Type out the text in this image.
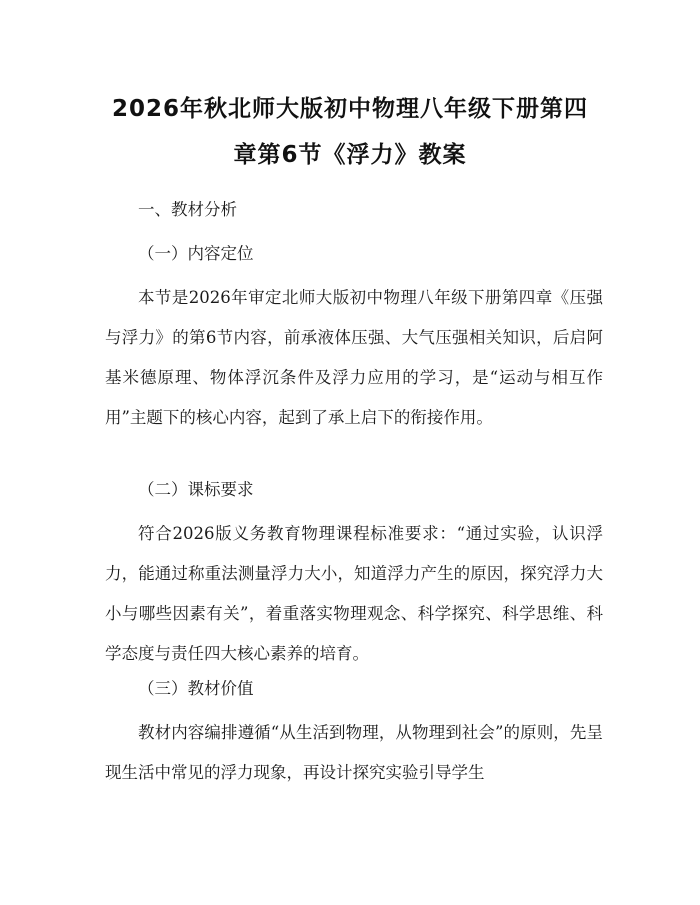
2026年秋北师大版初中物理八年级下册第四
章第6节《浮力》教案
一、教材分析
（一）内容定位
本节是2026年审定北师大版初中物理八年级下册第四章《压强与浮力》的第6节内容，前承液体压强、大气压强相关知识，后启阿基米德原理、物体浮沉条件及浮力应用的学习，是“运动与相互作用”主题下的核心内容，起到了承上启下的衔接作用。
（二）课标要求
符合2026版义务教育物理课程标准要求：“通过实验，认识浮力，能通过称重法测量浮力大小，知道浮力产生的原因，探究浮力大小与哪些因素有关”，着重落实物理观念、科学探究、科学思维、科学态度与责任四大核心素养的培育。
（三）教材价值
教材内容编排遵循“从生活到物理，从物理到社会”的原则，先呈现生活中常见的浮力现象，再设计探究实验引导学生
